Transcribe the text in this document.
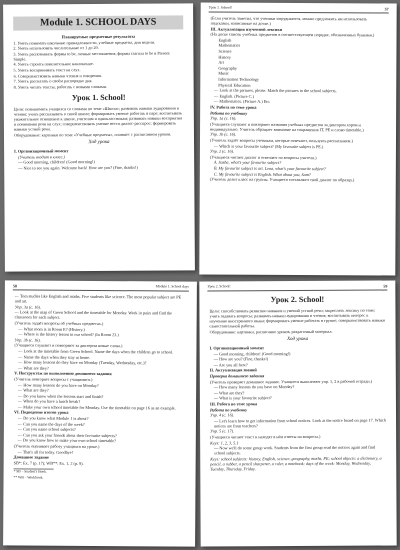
Module 1. SCHOOL DAYS

Планируемые предметные результаты

1. Уметь понимать школьные принадлежности, учебные предметы, дни недели.

2. Уметь использовать числительные от 1 до 20.

3. Уметь распознавать формы to be, личные местоимения, формы глагола to be в Present Simple.

4. Уметь строить повелительное наклонение.

5. Уметь воспринимать текст на слух.

6. Совершенствовать навыки чтения и говорения.

7. Уметь рассказать о своём распорядке дня.

8. Уметь читать тексты, работать с новыми словами.

Урок 1. School!

Цели: познакомить учащихся со словами по теме «Школа»; развивать навыки аудирования и чтения; учить рассказывать о своей школе; формировать умение работать в паре; воспитывать уважительное отношение к школе, учителям и одноклассникам; развивать навыки восприятия и понимания речи на слух; совершенствовать умение вести диалог-расспрос; формировать навыки устной речи.

Оборудование: картинки по теме «Учебные предметы», планшет с расписанием уроков.

Ход урока

I. Организационный момент

(Учитель входит в класс.)

— Good morning, children! (Good morning!)

— Nice to see you again. Welcome back! How are you? (Fine, thanks!)

Урок 1. School!	57

(Если учитель заметил, что ученики затрудняются, можно предложить им использовать подсказки, написанные на доске.)

III. Актуализация изученной лексики

(На доске список учебных предметов в соответствующем порядке, обозначенных буквами.)

English

Mathematics

Science

History

Art

Geography

Music

Information Technology

Physical Education

— Look at the pictures, please. Match the pictures to the school subjects.

— English. (Picture C.)

— Mathematics. (Picture A.) Etc.

IV. Работа по теме урока

Работа по учебнику

Упр. 1а (с. 16).

(Учащиеся слушают и повторяют названия учебных предметов за диктором хором и индивидуально. Учитель обращает внимание на сокращения IT, PE и слово timetable.)

Упр. 1b (с. 16).

(Учитель задаёт вопросы ученикам, которые отвечают, пользуясь расписанием.)

— Which is your favourite subject? (My favourite subject is PE.)

Упр. 2 (с. 16).

(Учащиеся читают диалог и отвечают на вопросы учителя.)

A. Sasha, what's your favourite subject?

B. My favourite subject is art. Lena, what's your favourite subject?

C. My favourite subject is English. What about you, Sam?

(Учитель делит класс на группы. Учащиеся составляют свой диалог по образцу.)

58	Module 1. School days

— Tom studies like English and maths. Five students like science. The most popular subject are PE and art.

Упр. 3a (c. 16).

— Look at the map of Green School and the timetable for Monday. Work in pairs and find the classroom for each subject.

(Учитель задаёт вопросы об учебных предметах.)

— What room is in Room E? (History.)

— Where is the history lesson in our school? (In Room 23.)

Упр. 3b (c. 16).

(Учащиеся слушают и повторяют за диктором новые слова.)

— Look at the timetable from Green School. Name the days when the children go to school.

— Name the days when they stay at home.

— How many lessons do they have on Monday (Tuesday, Wednesday, etc.)?

— What are they?

V. Инструктаж по выполнению домашнего задания

(Учитель повторяет вопросы с учащимися.)

— How many lessons do you have on Monday?

— What are they?

— Do you know when the lessons start and finish?

— When do you have a lunch break?

— Make your own school timetable for Monday. Use the timetable on page 16 as an example.

VI. Подведение итогов урока

— Do you know what Module 1 is about?

— Can you name the days of the week?

— Can you name school subjects?

— Can you ask your friends about their favourite subjects?

— Do you know how to make your own school timetable?

(Учитель оценивает работу учащихся на уроке.)

— That's all for today. Goodbye!

Домашнее задание

SB*: Ex. 7 (p. 17); WB**: Ex. 1, 2 (p. 9).

* SB – Student's Book.

** WB – Workbook.

Урок 2. School!	59
Урок 2. School!

Цели: способствовать развитию навыков и умений устной речи; закреплять лексику по теме; учить задавать вопросы; развивать навыки аудирования и чтения; воспитывать интерес к изучению иностранного языка; формировать умение работать в группе; совершенствовать навыки самостоятельной работы.

Оборудование: картинки, расписание уроков, раздаточный материал.

Ход урока

I. Организационный момент

— Good morning, children! (Good morning!)

— How are you? (Fine, thanks!)

— Are you all here?

II. Актуализация знаний

Проверка домашнего задания

(Учитель проверяет домашнее задание. Учащиеся выполняют упр. 1, 2 в рабочей тетради.)

— How many lessons do you have on Monday?

— What are they?

— What is your favourite subject?

III. Работа по теме урока

Работа по учебнику

Упр. 4 (c. 16).

— Let's learn how to get information from school notices. Look at the notice board on page 17. Which notices are from teachers?

Упр. 5 (c. 17).

(Учащиеся читают текст и находят в нём ответы на вопросы.)

Keys: 1, 2, 3, 5.1

— Now we'll do some group work. Students from the first group read the notices again and find school subjects.

Keys: school subjects: history, English, science, geography, maths, PE; school objects: a dictionary, a pencil, a rubber, a pencil sharpener, a ruler, a notebook; days of the week: Monday, Wednesday, Tuesday, Thursday, Friday.
